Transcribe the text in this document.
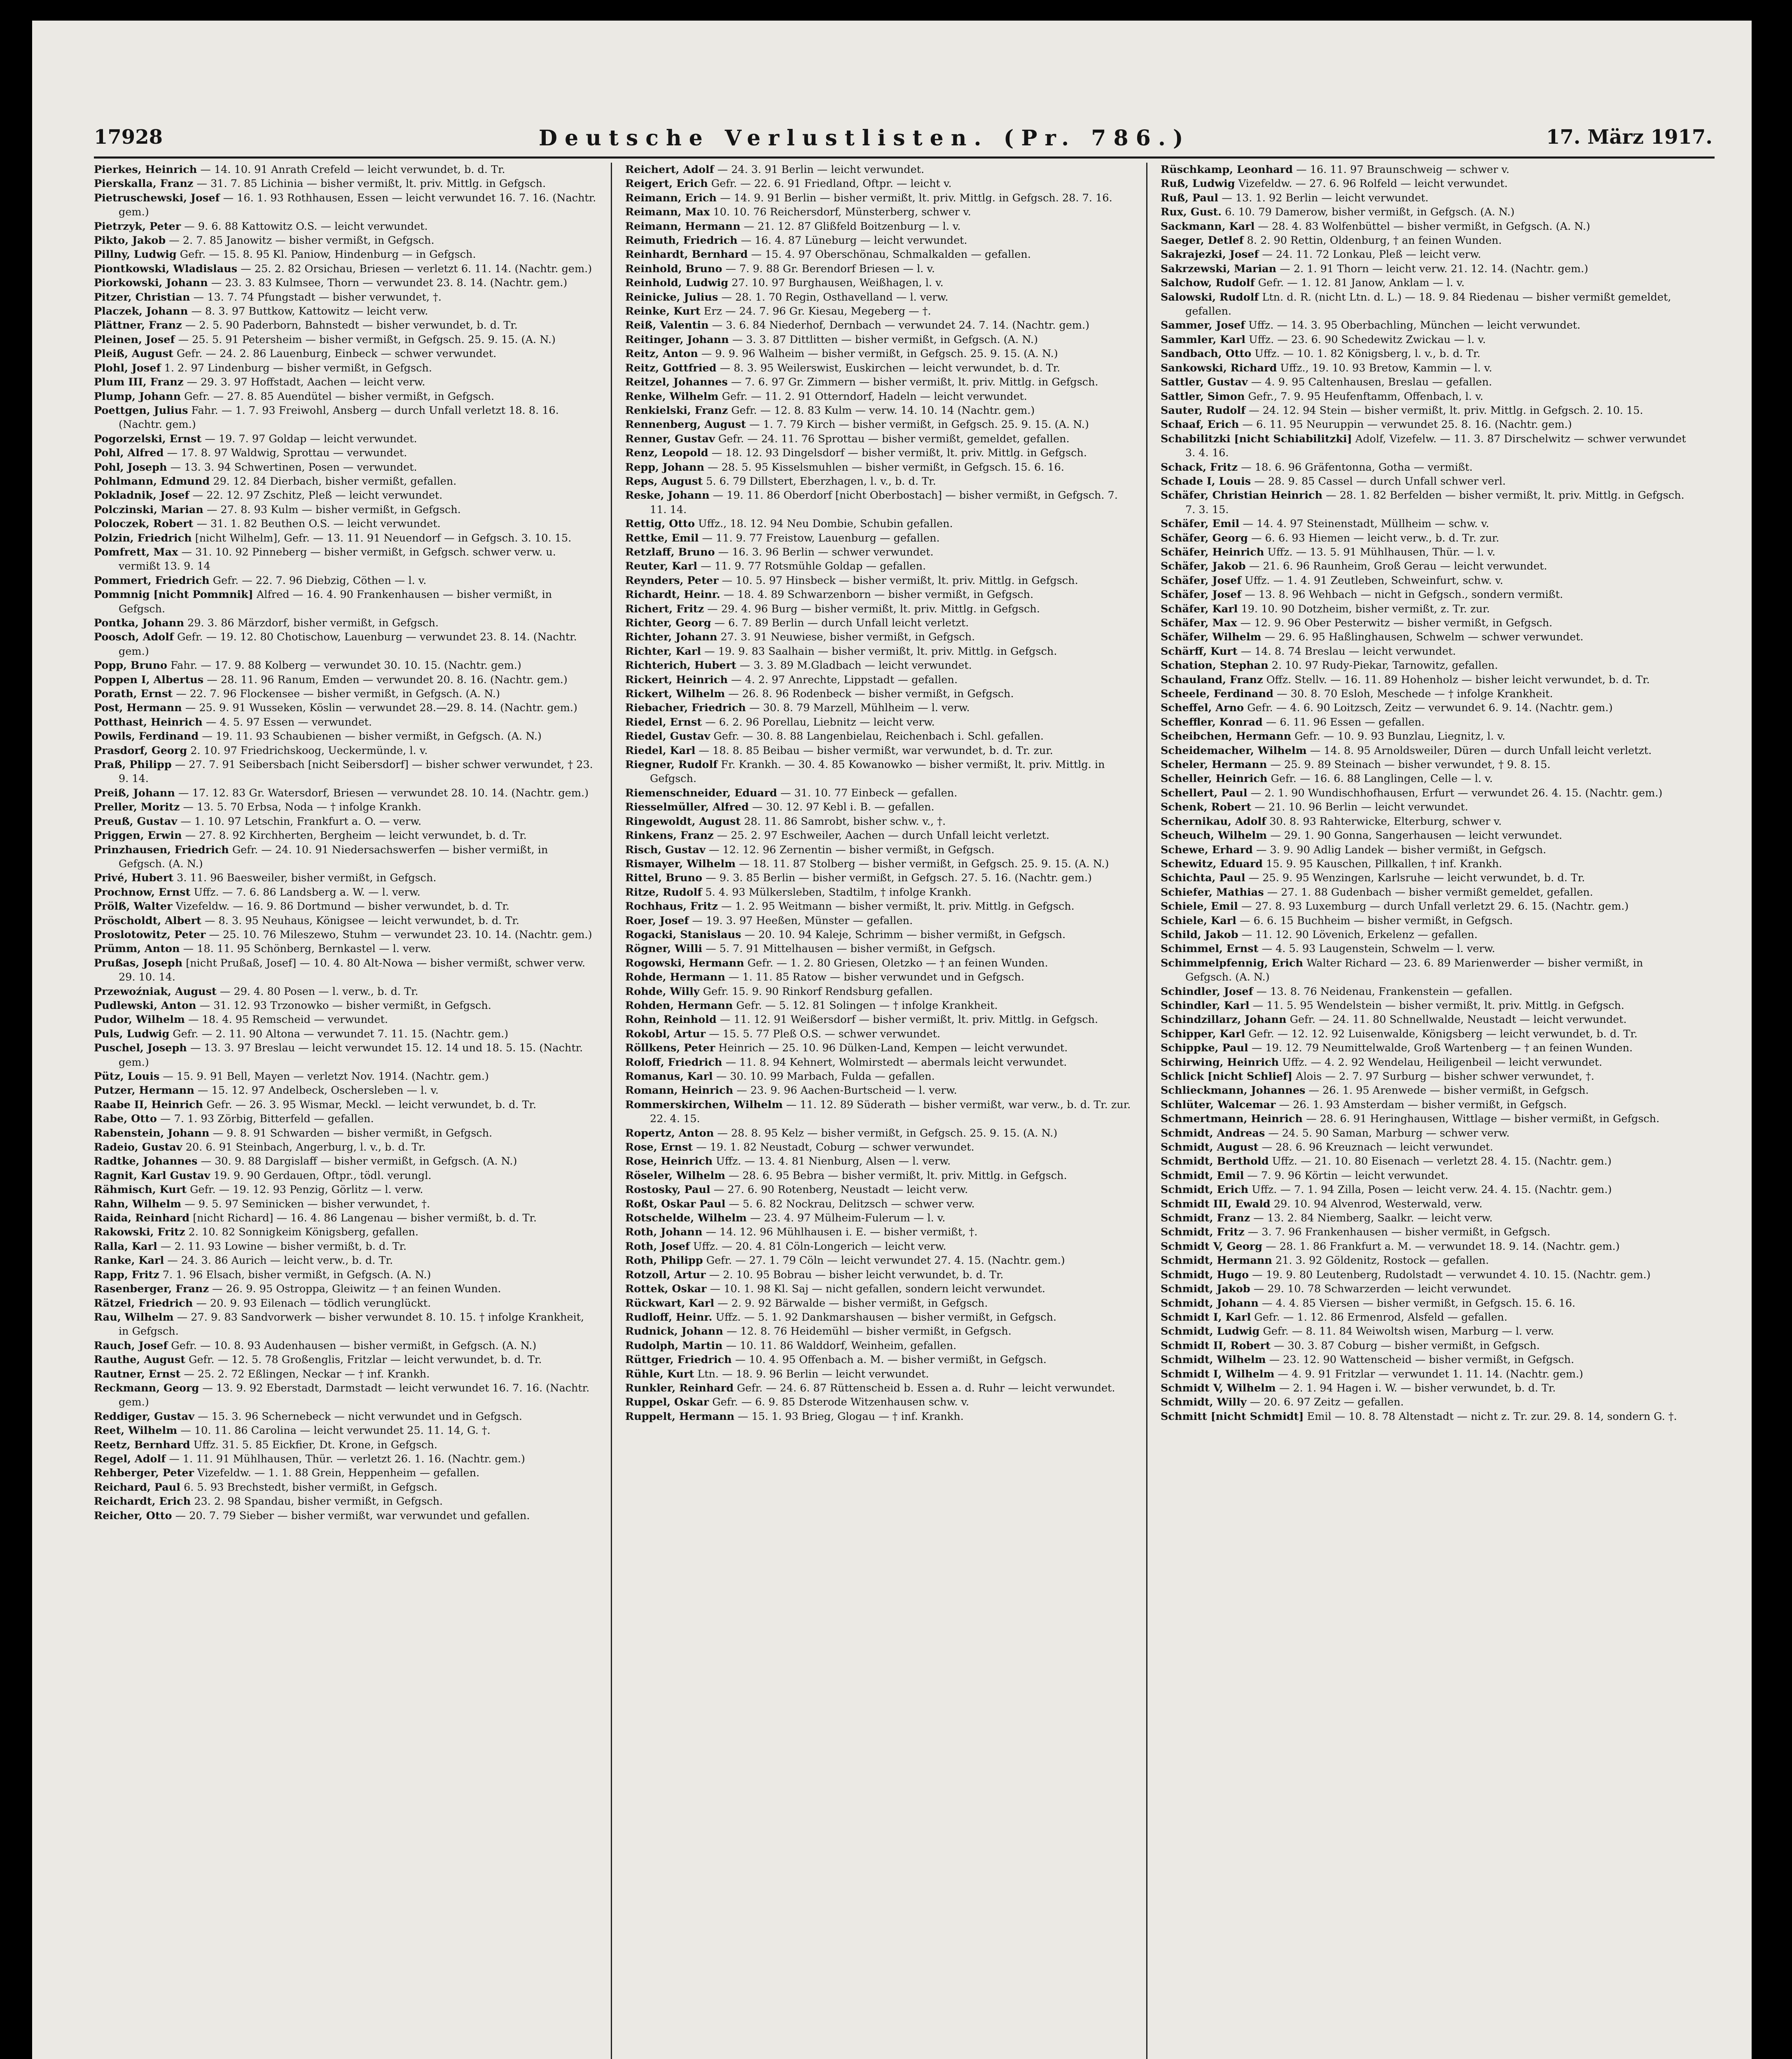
17928	Deutsche Verlustlisten. (Pr. 786.)	17. März 1917.
Pierkes, Heinrich — 14. 10. 91 Anrath Crefeld — leicht verwundet, b. d. Tr.
Pierskalla, Franz — 31. 7. 85 Lichinia — bisher vermißt, lt. priv. Mittlg. in Gefgsch.
Pietruschewski, Josef — 16. 1. 93 Rothhausen, Essen — leicht verwundet 16. 7. 16. (Nachtr. gem.)
Pietrzyk, Peter — 9. 6. 88 Kattowitz O.S. — leicht verwundet.
Pikto, Jakob — 2. 7. 85 Janowitz — bisher vermißt, in Gefgsch.
Pillny, Ludwig Gefr. — 15. 8. 95 Kl. Paniow, Hindenburg — in Gefgsch.
Piontkowski, Wladislaus — 25. 2. 82 Orsichau, Briesen — verletzt 6. 11. 14. (Nachtr. gem.)
Piorkowski, Johann — 23. 3. 83 Kulmsee, Thorn — verwundet 23. 8. 14. (Nachtr. gem.)
Pitzer, Christian — 13. 7. 74 Pfungstadt — bisher verwundet, †.
Placzek, Johann — 8. 3. 97 Buttkow, Kattowitz — leicht verw.
Plättner, Franz — 2. 5. 90 Paderborn, Bahnstedt — bisher verwundet, b. d. Tr.
Pleinen, Josef — 25. 5. 91 Petersheim — bisher vermißt, in Gefgsch. 25. 9. 15. (A. N.)
Pleiß, August Gefr. — 24. 2. 86 Lauenburg, Einbeck — schwer verwundet.
Plohl, Josef 1. 2. 97 Lindenburg — bisher vermißt, in Gefgsch.
Plum III, Franz — 29. 3. 97 Hoffstadt, Aachen — leicht verw.
Plump, Johann Gefr. — 27. 8. 85 Auendütel — bisher vermißt, in Gefgsch.
Poettgen, Julius Fahr. — 1. 7. 93 Freiwohl, Ansberg — durch Unfall verletzt 18. 8. 16. (Nachtr. gem.)
Pogorzelski, Ernst — 19. 7. 97 Goldap — leicht verwundet.
Pohl, Alfred — 17. 8. 97 Waldwig, Sprottau — verwundet.
Pohl, Joseph — 13. 3. 94 Schwertinen, Posen — verwundet.
Pohlmann, Edmund 29. 12. 84 Dierbach, bisher vermißt, gefallen.
Pokladnik, Josef — 22. 12. 97 Zschitz, Pleß — leicht verwundet.
Polczinski, Marian — 27. 8. 93 Kulm — bisher vermißt, in Gefgsch.
Poloczek, Robert — 31. 1. 82 Beuthen O.S. — leicht verwundet.
Polzin, Friedrich [nicht Wilhelm], Gefr. — 13. 11. 91 Neuendorf — in Gefgsch. 3. 10. 15.
Pomfrett, Max — 31. 10. 92 Pinneberg — bisher vermißt, in Gefgsch. schwer verw. u. vermißt 13. 9. 14
Pommert, Friedrich Gefr. — 22. 7. 96 Diebzig, Cöthen — l. v.
Pommnig [nicht Pommnik] Alfred — 16. 4. 90 Frankenhausen — bisher vermißt, in Gefgsch.
Pontka, Johann 29. 3. 86 Märzdorf, bisher vermißt, in Gefgsch.
Poosch, Adolf Gefr. — 19. 12. 80 Chotischow, Lauenburg — verwundet 23. 8. 14. (Nachtr. gem.)
Popp, Bruno Fahr. — 17. 9. 88 Kolberg — verwundet 30. 10. 15. (Nachtr. gem.)
Poppen I, Albertus — 28. 11. 96 Ranum, Emden — verwundet 20. 8. 16. (Nachtr. gem.)
Porath, Ernst — 22. 7. 96 Flockensee — bisher vermißt, in Gefgsch. (A. N.)
Post, Hermann — 25. 9. 91 Wusseken, Köslin — verwundet 28.—29. 8. 14. (Nachtr. gem.)
Potthast, Heinrich — 4. 5. 97 Essen — verwundet.
Powils, Ferdinand — 19. 11. 93 Schaubienen — bisher vermißt, in Gefgsch. (A. N.)
Prasdorf, Georg 2. 10. 97 Friedrichskoog, Ueckermünde, l. v.
Praß, Philipp — 27. 7. 91 Seibersbach [nicht Seibersdorf] — bisher schwer verwundet, † 23. 9. 14.
Preiß, Johann — 17. 12. 83 Gr. Watersdorf, Briesen — verwundet 28. 10. 14. (Nachtr. gem.)
Preller, Moritz — 13. 5. 70 Erbsa, Noda — † infolge Krankh.
Preuß, Gustav — 1. 10. 97 Letschin, Frankfurt a. O. — verw.
Priggen, Erwin — 27. 8. 92 Kirchherten, Bergheim — leicht verwundet, b. d. Tr.
Prinzhausen, Friedrich Gefr. — 24. 10. 91 Niedersachswerfen — bisher vermißt, in Gefgsch. (A. N.)
Privé, Hubert 3. 11. 96 Baesweiler, bisher vermißt, in Gefgsch.
Prochnow, Ernst Uffz. — 7. 6. 86 Landsberg a. W. — l. verw.
Prölß, Walter Vizefeldw. — 16. 9. 86 Dortmund — bisher verwundet, b. d. Tr.
Pröscholdt, Albert — 8. 3. 95 Neuhaus, Königsee — leicht verwundet, b. d. Tr.
Proslotowitz, Peter — 25. 10. 76 Mileszewo, Stuhm — verwundet 23. 10. 14. (Nachtr. gem.)
Prümm, Anton — 18. 11. 95 Schönberg, Bernkastel — l. verw.
Prußas, Joseph [nicht Prußaß, Josef] — 10. 4. 80 Alt-Nowa — bisher vermißt, schwer verw. 29. 10. 14.
Przewoźniak, August — 29. 4. 80 Posen — l. verw., b. d. Tr.
Pudlewski, Anton — 31. 12. 93 Trzonowko — bisher vermißt, in Gefgsch.
Pudor, Wilhelm — 18. 4. 95 Remscheid — verwundet.
Puls, Ludwig Gefr. — 2. 11. 90 Altona — verwundet 7. 11. 15. (Nachtr. gem.)
Puschel, Joseph — 13. 3. 97 Breslau — leicht verwundet 15. 12. 14 und 18. 5. 15. (Nachtr. gem.)
Pütz, Louis — 15. 9. 91 Bell, Mayen — verletzt Nov. 1914. (Nachtr. gem.)
Putzer, Hermann — 15. 12. 97 Andelbeck, Oschersleben — l. v.
Raabe II, Heinrich Gefr. — 26. 3. 95 Wismar, Meckl. — leicht verwundet, b. d. Tr.
Rabe, Otto — 7. 1. 93 Zörbig, Bitterfeld — gefallen.
Rabenstein, Johann — 9. 8. 91 Schwarden — bisher vermißt, in Gefgsch.
Radeio, Gustav 20. 6. 91 Steinbach, Angerburg, l. v., b. d. Tr.
Radtke, Johannes — 30. 9. 88 Dargislaff — bisher vermißt, in Gefgsch. (A. N.)
Ragnit, Karl Gustav 19. 9. 90 Gerdauen, Oftpr., tödl. verungl.
Rähmisch, Kurt Gefr. — 19. 12. 93 Penzig, Görlitz — l. verw.
Rahn, Wilhelm — 9. 5. 97 Seminicken — bisher verwundet, †.
Raida, Reinhard [nicht Richard] — 16. 4. 86 Langenau — bisher vermißt, b. d. Tr.
Rakowski, Fritz 2. 10. 82 Sonnigkeim Königsberg, gefallen.
Ralla, Karl — 2. 11. 93 Lowine — bisher vermißt, b. d. Tr.
Ranke, Karl — 24. 3. 86 Aurich — leicht verw., b. d. Tr.
Rapp, Fritz 7. 1. 96 Elsach, bisher vermißt, in Gefgsch. (A. N.)
Rasenberger, Franz — 26. 9. 95 Ostroppa, Gleiwitz — † an feinen Wunden.
Rätzel, Friedrich — 20. 9. 93 Eilenach — tödlich verunglückt.
Rau, Wilhelm — 27. 9. 83 Sandvorwerk — bisher verwundet 8. 10. 15. † infolge Krankheit, in Gefgsch.
Rauch, Josef Gefr. — 10. 8. 93 Audenhausen — bisher vermißt, in Gefgsch. (A. N.)
Rauthe, August Gefr. — 12. 5. 78 Großenglis, Fritzlar — leicht verwundet, b. d. Tr.
Rautner, Ernst — 25. 2. 72 Eßlingen, Neckar — † inf. Krankh.
Reckmann, Georg — 13. 9. 92 Eberstadt, Darmstadt — leicht verwundet 16. 7. 16. (Nachtr. gem.)
Reddiger, Gustav — 15. 3. 96 Schernebeck — nicht verwundet und in Gefgsch.
Reet, Wilhelm — 10. 11. 86 Carolina — leicht verwundet 25. 11. 14, G. †.
Reetz, Bernhard Uffz. 31. 5. 85 Eickfier, Dt. Krone, in Gefgsch.
Regel, Adolf — 1. 11. 91 Mühlhausen, Thür. — verletzt 26. 1. 16. (Nachtr. gem.)
Rehberger, Peter Vizefeldw. — 1. 1. 88 Grein, Heppenheim — gefallen.
Reichard, Paul 6. 5. 93 Brechstedt, bisher vermißt, in Gefgsch.
Reichardt, Erich 23. 2. 98 Spandau, bisher vermißt, in Gefgsch.
Reicher, Otto — 20. 7. 79 Sieber — bisher vermißt, war verwundet und gefallen.
Reichert, Adolf — 24. 3. 91 Berlin — leicht verwundet.
Reigert, Erich Gefr. — 22. 6. 91 Friedland, Oftpr. — leicht v.
Reimann, Erich — 14. 9. 91 Berlin — bisher vermißt, lt. priv. Mittlg. in Gefgsch. 28. 7. 16.
Reimann, Max 10. 10. 76 Reichersdorf, Münsterberg, schwer v.
Reimann, Hermann — 21. 12. 87 Glißfeld Boitzenburg — l. v.
Reimuth, Friedrich — 16. 4. 87 Lüneburg — leicht verwundet.
Reinhardt, Bernhard — 15. 4. 97 Oberschönau, Schmalkalden — gefallen.
Reinhold, Bruno — 7. 9. 88 Gr. Berendorf Briesen — l. v.
Reinhold, Ludwig 27. 10. 97 Burghausen, Weißhagen, l. v.
Reinicke, Julius — 28. 1. 70 Regin, Osthavelland — l. verw.
Reinke, Kurt Erz — 24. 7. 96 Gr. Kiesau, Megeberg — †.
Reiß, Valentin — 3. 6. 84 Niederhof, Dernbach — verwundet 24. 7. 14. (Nachtr. gem.)
Reitinger, Johann — 3. 3. 87 Dittlitten — bisher vermißt, in Gefgsch. (A. N.)
Reitz, Anton — 9. 9. 96 Walheim — bisher vermißt, in Gefgsch. 25. 9. 15. (A. N.)
Reitz, Gottfried — 8. 3. 95 Weilerswist, Euskirchen — leicht verwundet, b. d. Tr.
Reitzel, Johannes — 7. 6. 97 Gr. Zimmern — bisher vermißt, lt. priv. Mittlg. in Gefgsch.
Renke, Wilhelm Gefr. — 11. 2. 91 Otterndorf, Hadeln — leicht verwundet.
Renkielski, Franz Gefr. — 12. 8. 83 Kulm — verw. 14. 10. 14 (Nachtr. gem.)
Rennenberg, August — 1. 7. 79 Kirch — bisher vermißt, in Gefgsch. 25. 9. 15. (A. N.)
Renner, Gustav Gefr. — 24. 11. 76 Sprottau — bisher vermißt, gemeldet, gefallen.
Renz, Leopold — 18. 12. 93 Dingelsdorf — bisher vermißt, lt. priv. Mittlg. in Gefgsch.
Repp, Johann — 28. 5. 95 Kisselsmuhlen — bisher vermißt, in Gefgsch. 15. 6. 16.
Reps, August 5. 6. 79 Dillstert, Eberzhagen, l. v., b. d. Tr.
Reske, Johann — 19. 11. 86 Oberdorf [nicht Oberbostach] — bisher vermißt, in Gefgsch. 7. 11. 14.
Rettig, Otto Uffz., 18. 12. 94 Neu Dombie, Schubin gefallen.
Rettke, Emil — 11. 9. 77 Freistow, Lauenburg — gefallen.
Retzlaff, Bruno — 16. 3. 96 Berlin — schwer verwundet.
Reuter, Karl — 11. 9. 77 Rotsmühle Goldap — gefallen.
Reynders, Peter — 10. 5. 97 Hinsbeck — bisher vermißt, lt. priv. Mittlg. in Gefgsch.
Richardt, Heinr. — 18. 4. 89 Schwarzenborn — bisher vermißt, in Gefgsch.
Richert, Fritz — 29. 4. 96 Burg — bisher vermißt, lt. priv. Mittlg. in Gefgsch.
Richter, Georg — 6. 7. 89 Berlin — durch Unfall leicht verletzt.
Richter, Johann 27. 3. 91 Neuwiese, bisher vermißt, in Gefgsch.
Richter, Karl — 19. 9. 83 Saalhain — bisher vermißt, lt. priv. Mittlg. in Gefgsch.
Richterich, Hubert — 3. 3. 89 M.Gladbach — leicht verwundet.
Rickert, Heinrich — 4. 2. 97 Anrechte, Lippstadt — gefallen.
Rickert, Wilhelm — 26. 8. 96 Rodenbeck — bisher vermißt, in Gefgsch.
Riebacher, Friedrich — 30. 8. 79 Marzell, Mühlheim — l. verw.
Riedel, Ernst — 6. 2. 96 Porellau, Liebnitz — leicht verw.
Riedel, Gustav Gefr. — 30. 8. 88 Langenbielau, Reichenbach i. Schl. gefallen.
Riedel, Karl — 18. 8. 85 Beibau — bisher vermißt, war verwundet, b. d. Tr. zur.
Riegner, Rudolf Fr. Krankh. — 30. 4. 85 Kowanowko — bisher vermißt, lt. priv. Mittlg. in Gefgsch.
Riemenschneider, Eduard — 31. 10. 77 Einbeck — gefallen.
Riesselmüller, Alfred — 30. 12. 97 Kebl i. B. — gefallen.
Ringewoldt, August 28. 11. 86 Samrobt, bisher schw. v., †.
Rinkens, Franz — 25. 2. 97 Eschweiler, Aachen — durch Unfall leicht verletzt.
Risch, Gustav — 12. 12. 96 Zernentin — bisher vermißt, in Gefgsch.
Rismayer, Wilhelm — 18. 11. 87 Stolberg — bisher vermißt, in Gefgsch. 25. 9. 15. (A. N.)
Rittel, Bruno — 9. 3. 85 Berlin — bisher vermißt, in Gefgsch. 27. 5. 16. (Nachtr. gem.)
Ritze, Rudolf 5. 4. 93 Mülkersleben, Stadtilm, † infolge Krankh.
Rochhaus, Fritz — 1. 2. 95 Weitmann — bisher vermißt, lt. priv. Mittlg. in Gefgsch.
Roer, Josef — 19. 3. 97 Heeßen, Münster — gefallen.
Rogacki, Stanislaus — 20. 10. 94 Kaleje, Schrimm — bisher vermißt, in Gefgsch.
Rögner, Willi — 5. 7. 91 Mittelhausen — bisher vermißt, in Gefgsch.
Rogowski, Hermann Gefr. — 1. 2. 80 Griesen, Oletzko — † an feinen Wunden.
Rohde, Hermann — 1. 11. 85 Ratow — bisher verwundet und in Gefgsch.
Rohde, Willy Gefr. 15. 9. 90 Rinkorf Rendsburg gefallen.
Rohden, Hermann Gefr. — 5. 12. 81 Solingen — † infolge Krankheit.
Rohn, Reinhold — 11. 12. 91 Weißersdorf — bisher vermißt, lt. priv. Mittlg. in Gefgsch.
Rokobl, Artur — 15. 5. 77 Pleß O.S. — schwer verwundet.
Röllkens, Peter Heinrich — 25. 10. 96 Dülken-Land, Kempen — leicht verwundet.
Roloff, Friedrich — 11. 8. 94 Kehnert, Wolmirstedt — abermals leicht verwundet.
Romanus, Karl — 30. 10. 99 Marbach, Fulda — gefallen.
Romann, Heinrich — 23. 9. 96 Aachen-Burtscheid — l. verw.
Rommerskirchen, Wilhelm — 11. 12. 89 Süderath — bisher vermißt, war verw., b. d. Tr. zur. 22. 4. 15.
Ropertz, Anton — 28. 8. 95 Kelz — bisher vermißt, in Gefgsch. 25. 9. 15. (A. N.)
Rose, Ernst — 19. 1. 82 Neustadt, Coburg — schwer verwundet.
Rose, Heinrich Uffz. — 13. 4. 81 Nienburg, Alsen — l. verw.
Röseler, Wilhelm — 28. 6. 95 Bebra — bisher vermißt, lt. priv. Mittlg. in Gefgsch.
Rostosky, Paul — 27. 6. 90 Rotenberg, Neustadt — leicht verw.
Roßt, Oskar Paul — 5. 6. 82 Nockrau, Delitzsch — schwer verw.
Rotschelde, Wilhelm — 23. 4. 97 Mülheim-Fulerum — l. v.
Roth, Johann — 14. 12. 96 Mühlhausen i. E. — bisher vermißt, †.
Roth, Josef Uffz. — 20. 4. 81 Cöln-Longerich — leicht verw.
Roth, Philipp Gefr. — 27. 1. 79 Cöln — leicht verwundet 27. 4. 15. (Nachtr. gem.)
Rotzoll, Artur — 2. 10. 95 Bobrau — bisher leicht verwundet, b. d. Tr.
Rottek, Oskar — 10. 1. 98 Kl. Saj — nicht gefallen, sondern leicht verwundet.
Rückwart, Karl — 2. 9. 92 Bärwalde — bisher vermißt, in Gefgsch.
Rudloff, Heinr. Uffz. — 5. 1. 92 Dankmarshausen — bisher vermißt, in Gefgsch.
Rudnick, Johann — 12. 8. 76 Heidemühl — bisher vermißt, in Gefgsch.
Rudolph, Martin — 10. 11. 86 Walddorf, Weinheim, gefallen.
Rüttger, Friedrich — 10. 4. 95 Offenbach a. M. — bisher vermißt, in Gefgsch.
Rühle, Kurt Ltn. — 18. 9. 96 Berlin — leicht verwundet.
Runkler, Reinhard Gefr. — 24. 6. 87 Rüttenscheid b. Essen a. d. Ruhr — leicht verwundet.
Ruppel, Oskar Gefr. — 6. 9. 85 Dsterode Witzenhausen schw. v.
Ruppelt, Hermann — 15. 1. 93 Brieg, Glogau — † inf. Krankh.
Rüschkamp, Leonhard — 16. 11. 97 Braunschweig — schwer v.
Ruß, Ludwig Vizefeldw. — 27. 6. 96 Rolfeld — leicht verwundet.
Ruß, Paul — 13. 1. 92 Berlin — leicht verwundet.
Rux, Gust. 6. 10. 79 Damerow, bisher vermißt, in Gefgsch. (A. N.)
Sackmann, Karl — 28. 4. 83 Wolfenbüttel — bisher vermißt, in Gefgsch. (A. N.)
Saeger, Detlef 8. 2. 90 Rettin, Oldenburg, † an feinen Wunden.
Sakrajezki, Josef — 24. 11. 72 Lonkau, Pleß — leicht verw.
Sakrzewski, Marian — 2. 1. 91 Thorn — leicht verw. 21. 12. 14. (Nachtr. gem.)
Salchow, Rudolf Gefr. — 1. 12. 81 Janow, Anklam — l. v.
Salowski, Rudolf Ltn. d. R. (nicht Ltn. d. L.) — 18. 9. 84 Riedenau — bisher vermißt gemeldet, gefallen.
Sammer, Josef Uffz. — 14. 3. 95 Oberbachling, München — leicht verwundet.
Sammler, Karl Uffz. — 23. 6. 90 Schedewitz Zwickau — l. v.
Sandbach, Otto Uffz. — 10. 1. 82 Königsberg, l. v., b. d. Tr.
Sankowski, Richard Uffz., 19. 10. 93 Bretow, Kammin — l. v.
Sattler, Gustav — 4. 9. 95 Caltenhausen, Breslau — gefallen.
Sattler, Simon Gefr., 7. 9. 95 Heufenftamm, Offenbach, l. v.
Sauter, Rudolf — 24. 12. 94 Stein — bisher vermißt, lt. priv. Mittlg. in Gefgsch. 2. 10. 15.
Schaaf, Erich — 6. 11. 95 Neuruppin — verwundet 25. 8. 16. (Nachtr. gem.)
Schabilitzki [nicht Schiabilitzki] Adolf, Vizefelw. — 11. 3. 87 Dirschelwitz — schwer verwundet 3. 4. 16.
Schack, Fritz — 18. 6. 96 Gräfentonna, Gotha — vermißt.
Schade I, Louis — 28. 9. 85 Cassel — durch Unfall schwer verl.
Schäfer, Christian Heinrich — 28. 1. 82 Berfelden — bisher vermißt, lt. priv. Mittlg. in Gefgsch. 7. 3. 15.
Schäfer, Emil — 14. 4. 97 Steinenstadt, Müllheim — schw. v.
Schäfer, Georg — 6. 6. 93 Hiemen — leicht verw., b. d. Tr. zur.
Schäfer, Heinrich Uffz. — 13. 5. 91 Mühlhausen, Thür. — l. v.
Schäfer, Jakob — 21. 6. 96 Raunheim, Groß Gerau — leicht verwundet.
Schäfer, Josef Uffz. — 1. 4. 91 Zeutleben, Schweinfurt, schw. v.
Schäfer, Josef — 13. 8. 96 Wehbach — nicht in Gefgsch., sondern vermißt.
Schäfer, Karl 19. 10. 90 Dotzheim, bisher vermißt, z. Tr. zur.
Schäfer, Max — 12. 9. 96 Ober Pesterwitz — bisher vermißt, in Gefgsch.
Schäfer, Wilhelm — 29. 6. 95 Haßlinghausen, Schwelm — schwer verwundet.
Schärff, Kurt — 14. 8. 74 Breslau — leicht verwundet.
Schation, Stephan 2. 10. 97 Rudy-Piekar, Tarnowitz, gefallen.
Schauland, Franz Offz. Stellv. — 16. 11. 89 Hohenholz — bisher leicht verwundet, b. d. Tr.
Scheele, Ferdinand — 30. 8. 70 Esloh, Meschede — † infolge Krankheit.
Scheffel, Arno Gefr. — 4. 6. 90 Loitzsch, Zeitz — verwundet 6. 9. 14. (Nachtr. gem.)
Scheffler, Konrad — 6. 11. 96 Essen — gefallen.
Scheibchen, Hermann Gefr. — 10. 9. 93 Bunzlau, Liegnitz, l. v.
Scheidemacher, Wilhelm — 14. 8. 95 Arnoldsweiler, Düren — durch Unfall leicht verletzt.
Scheler, Hermann — 25. 9. 89 Steinach — bisher verwundet, † 9. 8. 15.
Scheller, Heinrich Gefr. — 16. 6. 88 Langlingen, Celle — l. v.
Schellert, Paul — 2. 1. 90 Wundischhofhausen, Erfurt — verwundet 26. 4. 15. (Nachtr. gem.)
Schenk, Robert — 21. 10. 96 Berlin — leicht verwundet.
Schernikau, Adolf 30. 8. 93 Rahterwicke, Elterburg, schwer v.
Scheuch, Wilhelm — 29. 1. 90 Gonna, Sangerhausen — leicht verwundet.
Schewe, Erhard — 3. 9. 90 Adlig Landek — bisher vermißt, in Gefgsch.
Schewitz, Eduard 15. 9. 95 Kauschen, Pillkallen, † inf. Krankh.
Schichta, Paul — 25. 9. 95 Wenzingen, Karlsruhe — leicht verwundet, b. d. Tr.
Schiefer, Mathias — 27. 1. 88 Gudenbach — bisher vermißt gemeldet, gefallen.
Schiele, Emil — 27. 8. 93 Luxemburg — durch Unfall verletzt 29. 6. 15. (Nachtr. gem.)
Schiele, Karl — 6. 6. 15 Buchheim — bisher vermißt, in Gefgsch.
Schild, Jakob — 11. 12. 90 Lövenich, Erkelenz — gefallen.
Schimmel, Ernst — 4. 5. 93 Laugenstein, Schwelm — l. verw.
Schimmelpfennig, Erich Walter Richard — 23. 6. 89 Marienwerder — bisher vermißt, in Gefgsch. (A. N.)
Schindler, Josef — 13. 8. 76 Neidenau, Frankenstein — gefallen.
Schindler, Karl — 11. 5. 95 Wendelstein — bisher vermißt, lt. priv. Mittlg. in Gefgsch.
Schindzillarz, Johann Gefr. — 24. 11. 80 Schnellwalde, Neustadt — leicht verwundet.
Schipper, Karl Gefr. — 12. 12. 92 Luisenwalde, Königsberg — leicht verwundet, b. d. Tr.
Schippke, Paul — 19. 12. 79 Neumittelwalde, Groß Wartenberg — † an feinen Wunden.
Schirwing, Heinrich Uffz. — 4. 2. 92 Wendelau, Heiligenbeil — leicht verwundet.
Schlick [nicht Schlief] Alois — 2. 7. 97 Surburg — bisher schwer verwundet, †.
Schlieckmann, Johannes — 26. 1. 95 Arenwede — bisher vermißt, in Gefgsch.
Schlüter, Walcemar — 26. 1. 93 Amsterdam — bisher vermißt, in Gefgsch.
Schmertmann, Heinrich — 28. 6. 91 Heringhausen, Wittlage — bisher vermißt, in Gefgsch.
Schmidt, Andreas — 24. 5. 90 Saman, Marburg — schwer verw.
Schmidt, August — 28. 6. 96 Kreuznach — leicht verwundet.
Schmidt, Berthold Uffz. — 21. 10. 80 Eisenach — verletzt 28. 4. 15. (Nachtr. gem.)
Schmidt, Emil — 7. 9. 96 Körtin — leicht verwundet.
Schmidt, Erich Uffz. — 7. 1. 94 Zilla, Posen — leicht verw. 24. 4. 15. (Nachtr. gem.)
Schmidt III, Ewald 29. 10. 94 Alvenrod, Westerwald, verw.
Schmidt, Franz — 13. 2. 84 Niemberg, Saalkr. — leicht verw.
Schmidt, Fritz — 3. 7. 96 Frankenhausen — bisher vermißt, in Gefgsch.
Schmidt V, Georg — 28. 1. 86 Frankfurt a. M. — verwundet 18. 9. 14. (Nachtr. gem.)
Schmidt, Hermann 21. 3. 92 Göldenitz, Rostock — gefallen.
Schmidt, Hugo — 19. 9. 80 Leutenberg, Rudolstadt — verwundet 4. 10. 15. (Nachtr. gem.)
Schmidt, Jakob — 29. 10. 78 Schwarzerden — leicht verwundet.
Schmidt, Johann — 4. 4. 85 Viersen — bisher vermißt, in Gefgsch. 15. 6. 16.
Schmidt I, Karl Gefr. — 1. 12. 86 Ermenrod, Alsfeld — gefallen.
Schmidt, Ludwig Gefr. — 8. 11. 84 Weiwoltsh wisen, Marburg — l. verw.
Schmidt II, Robert — 30. 3. 87 Coburg — bisher vermißt, in Gefgsch.
Schmidt, Wilhelm — 23. 12. 90 Wattenscheid — bisher vermißt, in Gefgsch.
Schmidt I, Wilhelm — 4. 9. 91 Fritzlar — verwundet 1. 11. 14. (Nachtr. gem.)
Schmidt V, Wilhelm — 2. 1. 94 Hagen i. W. — bisher verwundet, b. d. Tr.
Schmidt, Willy — 20. 6. 97 Zeitz — gefallen.
Schmitt [nicht Schmidt] Emil — 10. 8. 78 Altenstadt — nicht z. Tr. zur. 29. 8. 14, sondern G. †.
